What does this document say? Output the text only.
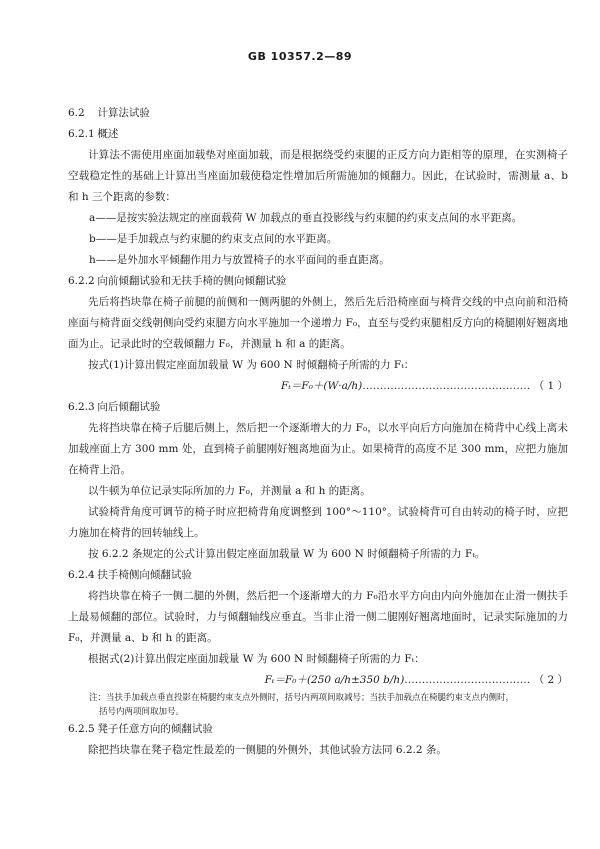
GB 10357.2—89

6.2 计算法试验

6.2.1 概述

计算法不需使用座面加载垫对座面加载，而是根据绕受约束腿的正反方向力距相等的原理，在实测椅子空载稳定性的基础上计算出当座面加载使稳定性增加后所需施加的倾翻力。因此，在试验时，需测量 a、b 和 h 三个距离的参数：

a——是按实验法规定的座面载荷 W 加载点的垂直投影线与约束腿的约束支点间的水平距离。

b——是手加载点与约束腿的约束支点间的水平距离。

h——是外加水平倾翻作用力与放置椅子的水平面间的垂直距离。

6.2.2 向前倾翻试验和无扶手椅的侧向倾翻试验

先后将挡块靠在椅子前腿的前侧和一侧两腿的外侧上，然后先后沿椅座面与椅背交线的中点向前和沿椅座面与椅背面交线朝侧向受约束腿方向水平施加一个递增力 F₀，直至与受约束腿相反方向的椅腿刚好翘离地面为止。记录此时的空载倾翻力 F₀，并测量 h 和 a 的距离。

按式(1)计算出假定座面加载量 W 为 600 N 时倾翻椅子所需的力 Fₜ：

Fₜ＝F₀＋(W·a/h)………………………………………… （ 1 ）

6.2.3 向后倾翻试验

先将挡块靠在椅子后腿后侧上，然后把一个逐渐增大的力 F₀，以水平向后方向施加在椅背中心线上离未加载座面上方 300 mm 处，直到椅子前腿刚好翘离地面为止。如果椅背的高度不足 300 mm，应把力施加在椅背上沿。

以牛顿为单位记录实际所加的力 F₀，并测量 a 和 h 的距离。

试验椅背角度可调节的椅子时应把椅背角度调整到 100°～110°。试验椅背可自由转动的椅子时，应把力施加在椅背的回转轴线上。

按 6.2.2 条规定的公式计算出假定座面加载量 W 为 600 N 时倾翻椅子所需的力 Fₜ。

6.2.4 扶手椅侧向倾翻试验

将挡块靠在椅子一侧二腿的外侧，然后把一个逐渐增大的力 F₀沿水平方向由内向外施加在止滑一侧扶手上最易倾翻的部位。试验时，力与倾翻轴线应垂直。当非止滑一侧二腿刚好翘离地面时，记录实际施加的力 F₀，并测量 a、b 和 h 的距离。

根据式(2)计算出假定座面加载量 W 为 600 N 时倾翻椅子所需的力 Fₜ：

Fₜ＝F₀＋(250 a/h±350 b/h)……………………………… （ 2 ）

注：当扶手加载点垂直投影在椅腿约束支点外侧时，括号内两项间取减号；当扶手加载点在椅腿约束支点内侧时，
括号内两项间取加号。

6.2.5 凳子任意方向的倾翻试验

除把挡块靠在凳子稳定性最差的一侧腿的外侧外，其他试验方法同 6.2.2 条。
